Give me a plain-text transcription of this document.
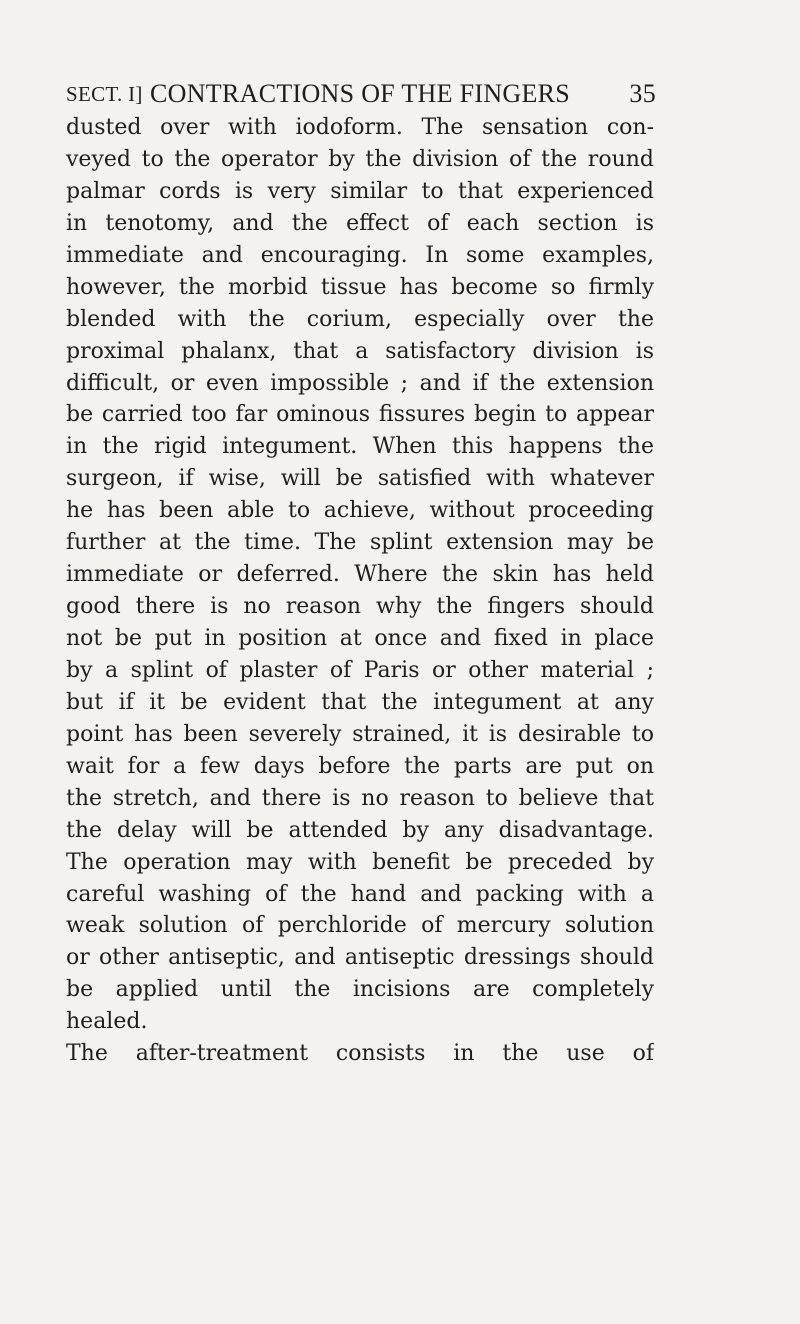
SECT. I] CONTRACTIONS OF THE FINGERS 35
dusted over with iodoform. The sensation con-
veyed to the operator by the division of the round
palmar cords is very similar to that experienced
in tenotomy, and the effect of each section is
immediate and encouraging. In some examples,
however, the morbid tissue has become so firmly
blended with the corium, especially over the
proximal phalanx, that a satisfactory division is
difficult, or even impossible ; and if the extension
be carried too far ominous fissures begin to appear
in the rigid integument. When this happens the
surgeon, if wise, will be satisfied with whatever
he has been able to achieve, without proceeding
further at the time. The splint extension may be
immediate or deferred. Where the skin has held
good there is no reason why the fingers should
not be put in position at once and fixed in place
by a splint of plaster of Paris or other material ;
but if it be evident that the integument at any
point has been severely strained, it is desirable to
wait for a few days before the parts are put on
the stretch, and there is no reason to believe that
the delay will be attended by any disadvantage.
The operation may with benefit be preceded by
careful washing of the hand and packing with a
weak solution of perchloride of mercury solution
or other antiseptic, and antiseptic dressings should
be applied until the incisions are completely
healed.
The after-treatment consists in the use of
